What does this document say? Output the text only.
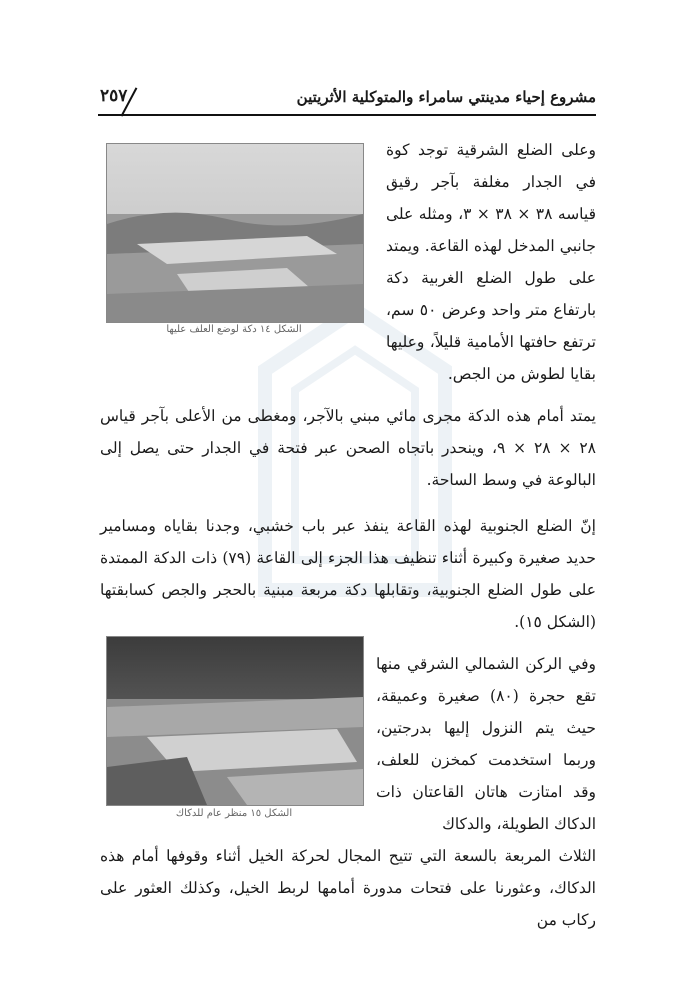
مشروع إحياء مدينتي سامراء والمتوكلية الأثريتين
٢٥٧
الشكل ١٤ دكة لوضع العلف عليها
الشكل ١٥ منظر عام للدكاك

وعلى الضلع الشرقية توجد كوة في الجدار مغلفة بآجر رقيق قياسه ٣٨ × ٣٨ × ٣، ومثله على جانبي المدخل لهذه القاعة. ويمتد على طول الضلع الغربية دكة بارتفاع متر واحد وعرض ٥٠ سم، ترتفع حافتها الأمامية قليلاً، وعليها بقايا لطوش من الجص.

يمتد أمام هذه الدكة مجرى مائي مبني بالآجر، ومغطى من الأعلى بآجر قياس ٢٨ × ٢٨ × ٩، وينحدر باتجاه الصحن عبر فتحة في الجدار حتى يصل إلى البالوعة في وسط الساحة.

إنّ الضلع الجنوبية لهذه القاعة ينفذ عبر باب خشبي، وجدنا بقاياه ومسامير حديد صغيرة وكبيرة أثناء تنظيف هذا الجزء إلى القاعة (٧٩) ذات الدكة الممتدة على طول الضلع الجنوبية، وتقابلها دكة مربعة مبنية بالحجر والجص كسابقتها (الشكل ١٥).

وفي الركن الشمالي الشرقي منها تقع حجرة (٨٠) صغيرة وعميقة، حيث يتم النزول إليها بدرجتين، وربما استخدمت كمخزن للعلف، وقد امتازت هاتان القاعتان ذات الدكاك الطويلة، والدكاك

الثلاث المربعة بالسعة التي تتيح المجال لحركة الخيل أثناء وقوفها أمام هذه الدكاك، وعثورنا على فتحات مدورة أمامها لربط الخيل، وكذلك العثور على ركاب من
